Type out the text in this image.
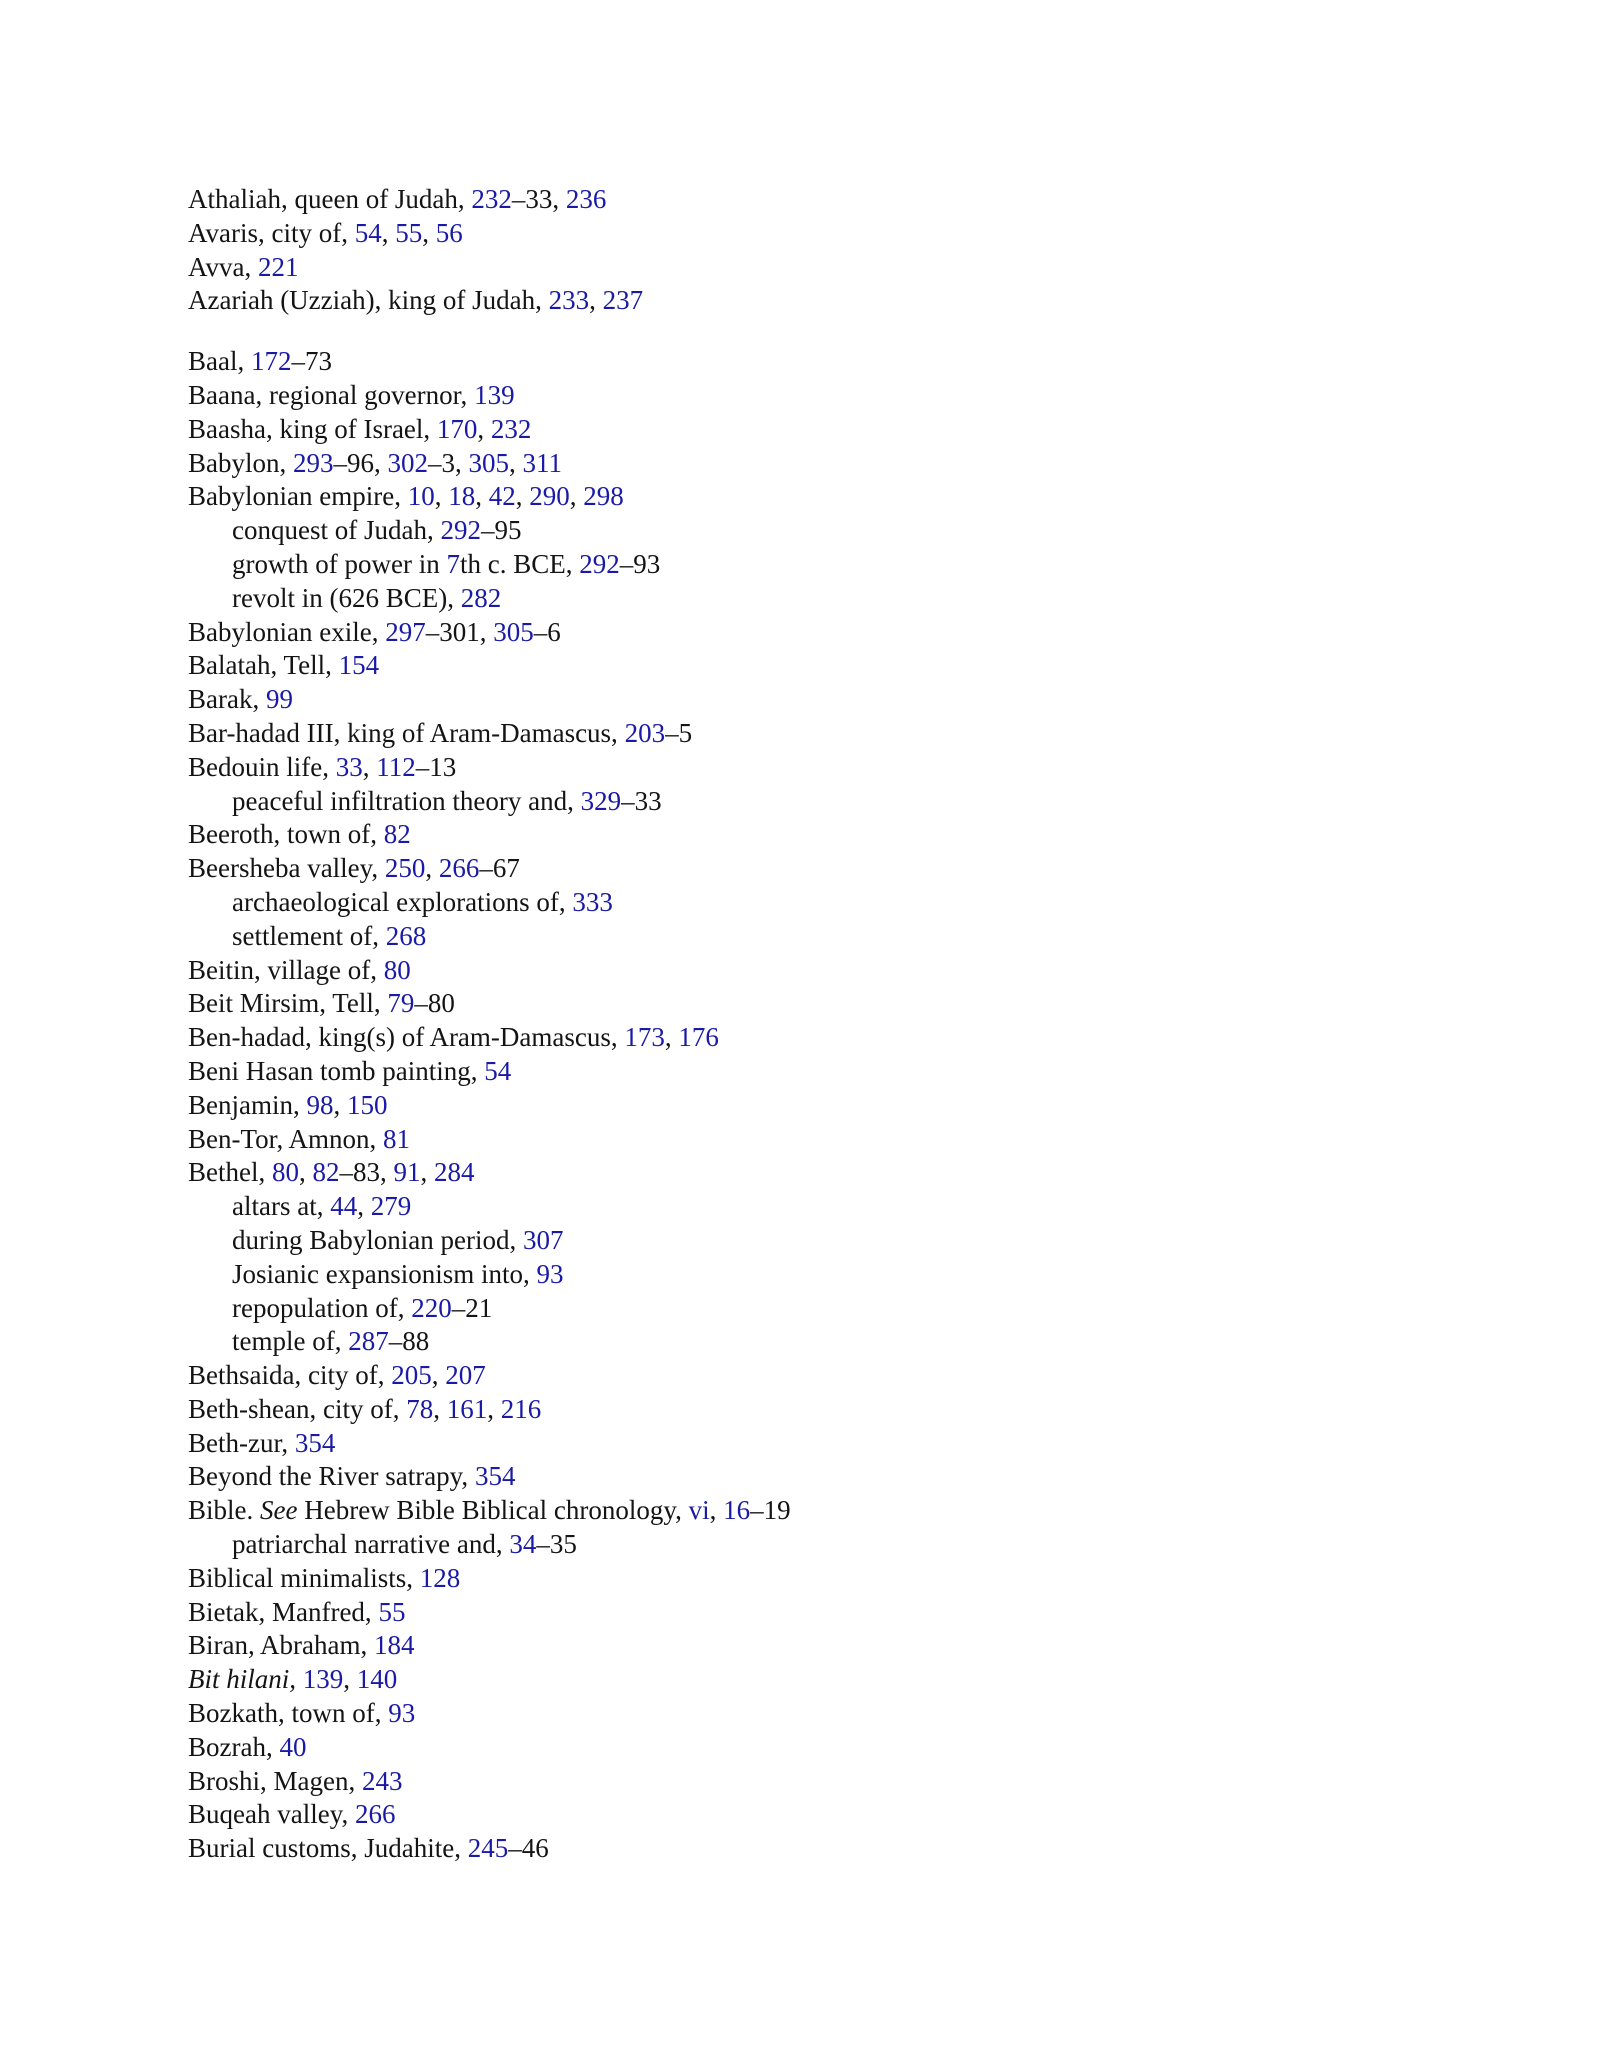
Athaliah, queen of Judah, 232–33, 236
Avaris, city of, 54, 55, 56
Avva, 221
Azariah (Uzziah), king of Judah, 233, 237
Baal, 172–73
Baana, regional governor, 139
Baasha, king of Israel, 170, 232
Babylon, 293–96, 302–3, 305, 311
Babylonian empire, 10, 18, 42, 290, 298
conquest of Judah, 292–95
growth of power in 7th c. BCE, 292–93
revolt in (626 BCE), 282
Babylonian exile, 297–301, 305–6
Balatah, Tell, 154
Barak, 99
Bar-hadad III, king of Aram-Damascus, 203–5
Bedouin life, 33, 112–13
peaceful infiltration theory and, 329–33
Beeroth, town of, 82
Beersheba valley, 250, 266–67
archaeological explorations of, 333
settlement of, 268
Beitin, village of, 80
Beit Mirsim, Tell, 79–80
Ben-hadad, king(s) of Aram-Damascus, 173, 176
Beni Hasan tomb painting, 54
Benjamin, 98, 150
Ben-Tor, Amnon, 81
Bethel, 80, 82–83, 91, 284
altars at, 44, 279
during Babylonian period, 307
Josianic expansionism into, 93
repopulation of, 220–21
temple of, 287–88
Bethsaida, city of, 205, 207
Beth-shean, city of, 78, 161, 216
Beth-zur, 354
Beyond the River satrapy, 354
Bible. See Hebrew Bible Biblical chronology, vi, 16–19
patriarchal narrative and, 34–35
Biblical minimalists, 128
Bietak, Manfred, 55
Biran, Abraham, 184
Bit hilani, 139, 140
Bozkath, town of, 93
Bozrah, 40
Broshi, Magen, 243
Buqeah valley, 266
Burial customs, Judahite, 245–46
